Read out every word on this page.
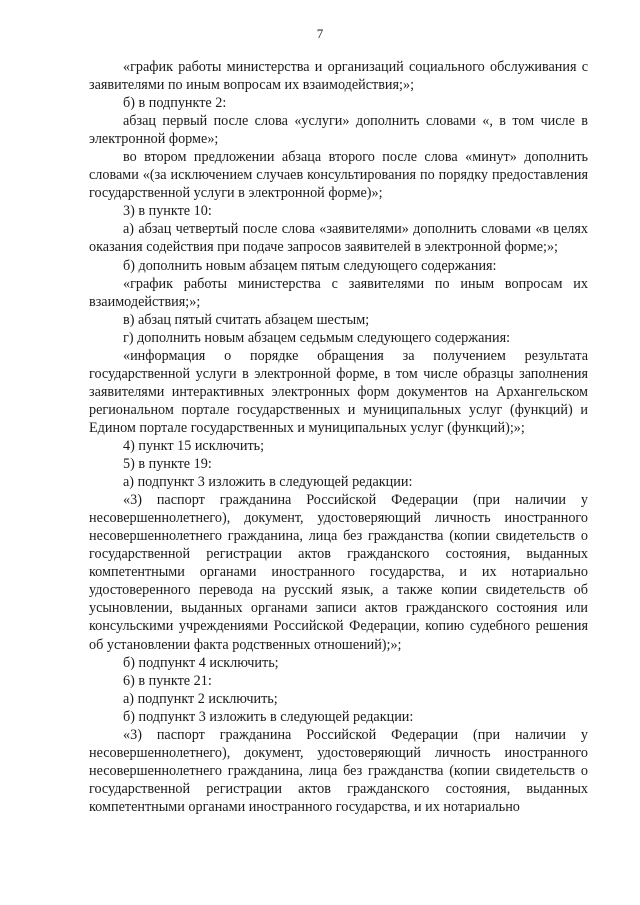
7

«график работы министерства и организаций социального обслуживания с заявителями по иным вопросам их взаимодействия;»;

б) в подпункте 2:

абзац первый после слова «услуги» дополнить словами «, в том числе в электронной форме»;

во втором предложении абзаца второго после слова «минут» дополнить словами «(за исключением случаев консультирования по порядку предоставления государственной услуги в электронной форме)»;

3) в пункте 10:

а) абзац четвертый после слова «заявителями» дополнить словами «в целях оказания содействия при подаче запросов заявителей в электронной форме;»;

б) дополнить новым абзацем пятым следующего содержания:

«график работы министерства с заявителями по иным вопросам их взаимодействия;»;

в) абзац пятый считать абзацем шестым;

г) дополнить новым абзацем седьмым следующего содержания:

«информация о порядке обращения за получением результата государственной услуги в электронной форме, в том числе образцы заполнения заявителями интерактивных электронных форм документов на Архангельском региональном портале государственных и муниципальных услуг (функций) и Едином портале государственных и муниципальных услуг (функций);»;

4) пункт 15 исключить;

5) в пункте 19:

а) подпункт 3 изложить в следующей редакции:

«3) паспорт гражданина Российской Федерации (при наличии у несовершеннолетнего), документ, удостоверяющий личность иностранного несовершеннолетнего гражданина, лица без гражданства (копии свидетельств о государственной регистрации актов гражданского состояния, выданных компетентными органами иностранного государства, и их нотариально удостоверенного перевода на русский язык, а также копии свидетельств об усыновлении, выданных органами записи актов гражданского состояния или консульскими учреждениями Российской Федерации, копию судебного решения об установлении факта родственных отношений);»;

б) подпункт 4 исключить;

6) в пункте 21:

а) подпункт 2 исключить;

б) подпункт 3 изложить в следующей редакции:

«3) паспорт гражданина Российской Федерации (при наличии у несовершеннолетнего), документ, удостоверяющий личность иностранного несовершеннолетнего гражданина, лица без гражданства (копии свидетельств о государственной регистрации актов гражданского состояния, выданных компетентными органами иностранного государства, и их нотариально
